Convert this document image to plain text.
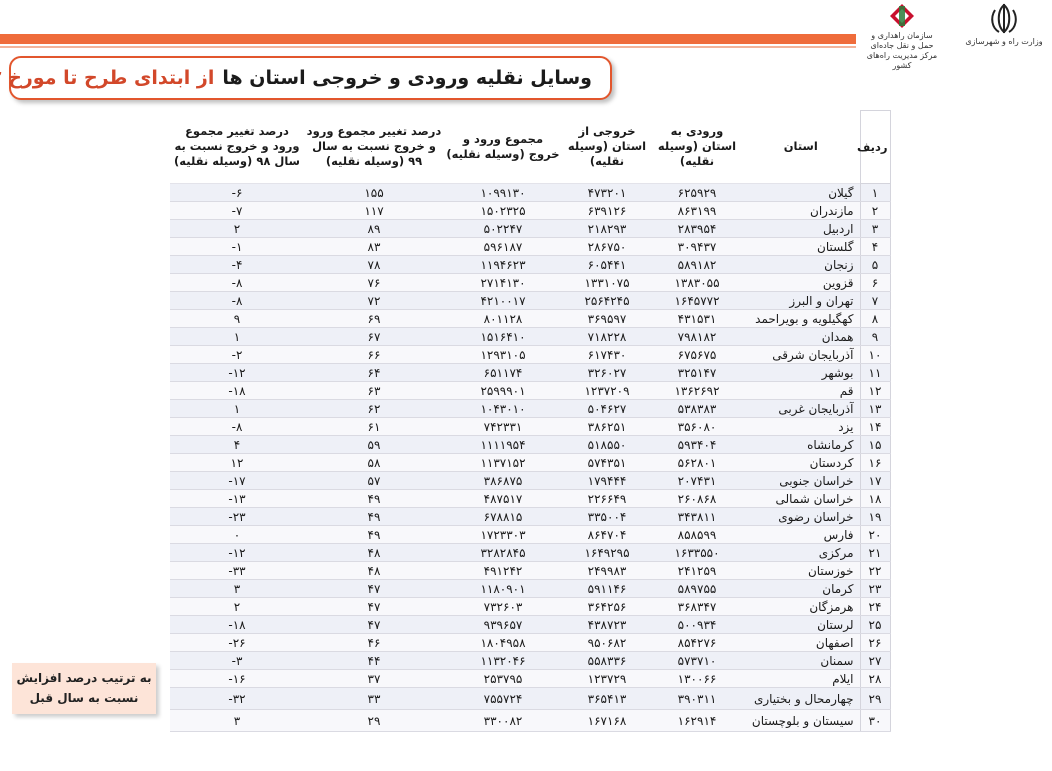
سازمان راهداری و حمل و نقل جاده‌ای
مرکز مدیریت راه‌های کشور
وزارت راه و شهرسازی
وسایل نقلیه ورودی و خروجی استان ها
از ابتدای طرح تا مورخ
ردیف	استان	ورودی به استان (وسیله نقلیه)	خروجی از استان (وسیله نقلیه)	مجموع ورود و خروج (وسیله نقلیه)	درصد تغییر مجموع ورود و خروج نسبت به سال ۹۹ (وسیله نقلیه)	درصد تغییر مجموع ورود و خروج نسبت به سال ۹۸ (وسیله نقلیه)
۱	گیلان	۶۲۵۹۲۹	۴۷۳۲۰۱	۱۰۹۹۱۳۰	۱۵۵	۶-
۲	مازندران	۸۶۳۱۹۹	۶۳۹۱۲۶	۱۵۰۲۳۲۵	۱۱۷	۷-
۳	اردبیل	۲۸۳۹۵۴	۲۱۸۲۹۳	۵۰۲۲۴۷	۸۹	۲
۴	گلستان	۳۰۹۴۳۷	۲۸۶۷۵۰	۵۹۶۱۸۷	۸۳	۱-
۵	زنجان	۵۸۹۱۸۲	۶۰۵۴۴۱	۱۱۹۴۶۲۳	۷۸	۴-
۶	قزوین	۱۳۸۳۰۵۵	۱۳۳۱۰۷۵	۲۷۱۴۱۳۰	۷۶	۸-
۷	تهران و البرز	۱۶۴۵۷۷۲	۲۵۶۴۲۴۵	۴۲۱۰۰۱۷	۷۲	۸-
۸	کهگیلویه و بویراحمد	۴۳۱۵۳۱	۳۶۹۵۹۷	۸۰۱۱۲۸	۶۹	۹
۹	همدان	۷۹۸۱۸۲	۷۱۸۲۲۸	۱۵۱۶۴۱۰	۶۷	۱
۱۰	آذربایجان شرقی	۶۷۵۶۷۵	۶۱۷۴۳۰	۱۲۹۳۱۰۵	۶۶	۲-
۱۱	بوشهر	۳۲۵۱۴۷	۳۲۶۰۲۷	۶۵۱۱۷۴	۶۴	۱۲-
۱۲	قم	۱۳۶۲۶۹۲	۱۲۳۷۲۰۹	۲۵۹۹۹۰۱	۶۳	۱۸-
۱۳	آذربایجان غربی	۵۳۸۳۸۳	۵۰۴۶۲۷	۱۰۴۳۰۱۰	۶۲	۱
۱۴	یزد	۳۵۶۰۸۰	۳۸۶۲۵۱	۷۴۲۳۳۱	۶۱	۸-
۱۵	کرمانشاه	۵۹۳۴۰۴	۵۱۸۵۵۰	۱۱۱۱۹۵۴	۵۹	۴
۱۶	کردستان	۵۶۲۸۰۱	۵۷۴۳۵۱	۱۱۳۷۱۵۲	۵۸	۱۲
۱۷	خراسان جنوبی	۲۰۷۴۳۱	۱۷۹۴۴۴	۳۸۶۸۷۵	۵۷	۱۷-
۱۸	خراسان شمالی	۲۶۰۸۶۸	۲۲۶۶۴۹	۴۸۷۵۱۷	۴۹	۱۳-
۱۹	خراسان رضوی	۳۴۳۸۱۱	۳۳۵۰۰۴	۶۷۸۸۱۵	۴۹	۲۳-
۲۰	فارس	۸۵۸۵۹۹	۸۶۴۷۰۴	۱۷۲۳۳۰۳	۴۹	۰
۲۱	مرکزی	۱۶۳۳۵۵۰	۱۶۴۹۲۹۵	۳۲۸۲۸۴۵	۴۸	۱۲-
۲۲	خوزستان	۲۴۱۲۵۹	۲۴۹۹۸۳	۴۹۱۲۴۲	۴۸	۳۳-
۲۳	کرمان	۵۸۹۷۵۵	۵۹۱۱۴۶	۱۱۸۰۹۰۱	۴۷	۳
۲۴	هرمزگان	۳۶۸۳۴۷	۳۶۴۲۵۶	۷۳۲۶۰۳	۴۷	۲
۲۵	لرستان	۵۰۰۹۳۴	۴۳۸۷۲۳	۹۳۹۶۵۷	۴۷	۱۸-
۲۶	اصفهان	۸۵۴۲۷۶	۹۵۰۶۸۲	۱۸۰۴۹۵۸	۴۶	۲۶-
۲۷	سمنان	۵۷۳۷۱۰	۵۵۸۳۳۶	۱۱۳۲۰۴۶	۴۴	۳-
۲۸	ایلام	۱۳۰۰۶۶	۱۲۳۷۲۹	۲۵۳۷۹۵	۳۷	۱۶-
۲۹	چهارمحال و بختیاری	۳۹۰۳۱۱	۳۶۵۴۱۳	۷۵۵۷۲۴	۳۳	۳۲-
۳۰	سیستان و بلوچستان	۱۶۲۹۱۴	۱۶۷۱۶۸	۳۳۰۰۸۲	۲۹	۳
به ترتیب درصد افزایش
نسبت به سال قبل
